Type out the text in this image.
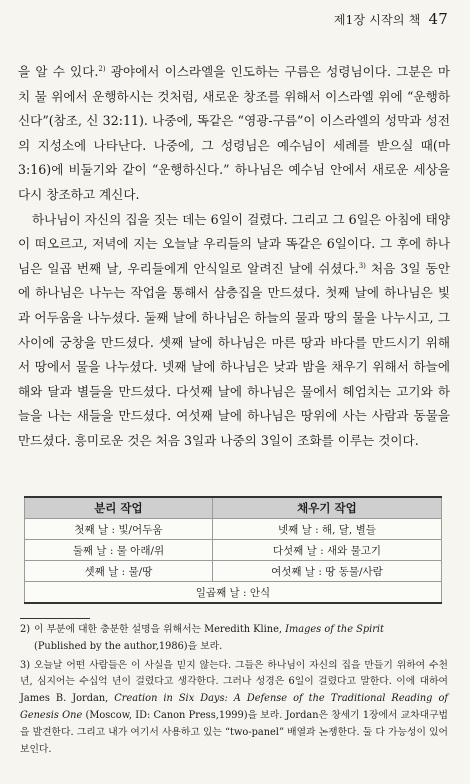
제1장 시작의 책 47

을 알 수 있다.$^{2)}$ 광야에서 이스라엘을 인도하는 구름은 성령님이다. 그분은 마치 물 위에서 운행하시는 것처럼, 새로운 창조를 위해서 이스라엘 위에 “운행하신다”(참조, 신 32:11). 나중에, 똑같은 “영광-구름”이 이스라엘의 성막과 성전의 지성소에 나타난다. 나중에, 그 성령님은 예수님이 세례를 받으실 때(마 3:16)에 비둘기와 같이 “운행하신다.” 하나님은 예수님 안에서 새로운 세상을 다시 창조하고 계신다.

하나님이 자신의 집을 짓는 데는 6일이 걸렸다. 그리고 그 6일은 아침에 태양이 떠오르고, 저녁에 지는 오늘날 우리들의 날과 똑같은 6일이다. 그 후에 하나님은 일곱 번째 날, 우리들에게 안식일로 알려진 날에 쉬셨다.$^{3)}$ 처음 3일 동안에 하나님은 나누는 작업을 통해서 삼층집을 만드셨다. 첫째 날에 하나님은 빛과 어두움을 나누셨다. 둘째 날에 하나님은 하늘의 물과 땅의 물을 나누시고, 그 사이에 궁창을 만드셨다. 셋째 날에 하나님은 마른 땅과 바다를 만드시기 위해서 땅에서 물을 나누셨다. 넷째 날에 하나님은 낮과 밤을 채우기 위해서 하늘에 해와 달과 별들을 만드셨다. 다섯째 날에 하나님은 물에서 헤엄치는 고기와 하늘을 나는 새들을 만드셨다. 여섯째 날에 하나님은 땅위에 사는 사람과 동물을 만드셨다. 흥미로운 것은 처음 3일과 나중의 3일이 조화를 이루는 것이다.

분리 작업	채우기 작업
첫째 날 : 빛/어두움	넷째 날 : 해, 달, 별들
둘째 날 : 물 아래/위	다섯째 날 : 새와 물고기
셋째 날 : 물/땅	여섯째 날 : 땅 동물/사람
일곱째 날 : 안식	

2) 이 부분에 대한 충분한 설명을 위해서는 Meredith Kline, Images of the Spirit
(Published by the author,1986)을 보라.

3) 오늘날 어떤 사람들은 이 사실을 믿지 않는다. 그들은 하나님이 자신의 집을 만들기 위하여 수천 년, 심지어는 수십억 년이 걸렸다고 생각한다. 그러나 성경은 6일이 걸렸다고 말한다. 이에 대하여 James B. Jordan, Creation in Six Days: A Defense of the Traditional Reading of Genesis One (Moscow, ID: Canon Press,1999)을 보라. Jordan은 창세기 1장에서 교차대구법을 발견한다. 그리고 내가 여기서 사용하고 있는 “two-panel” 배열과 논쟁한다. 둘 다 가능성이 있어 보인다.
